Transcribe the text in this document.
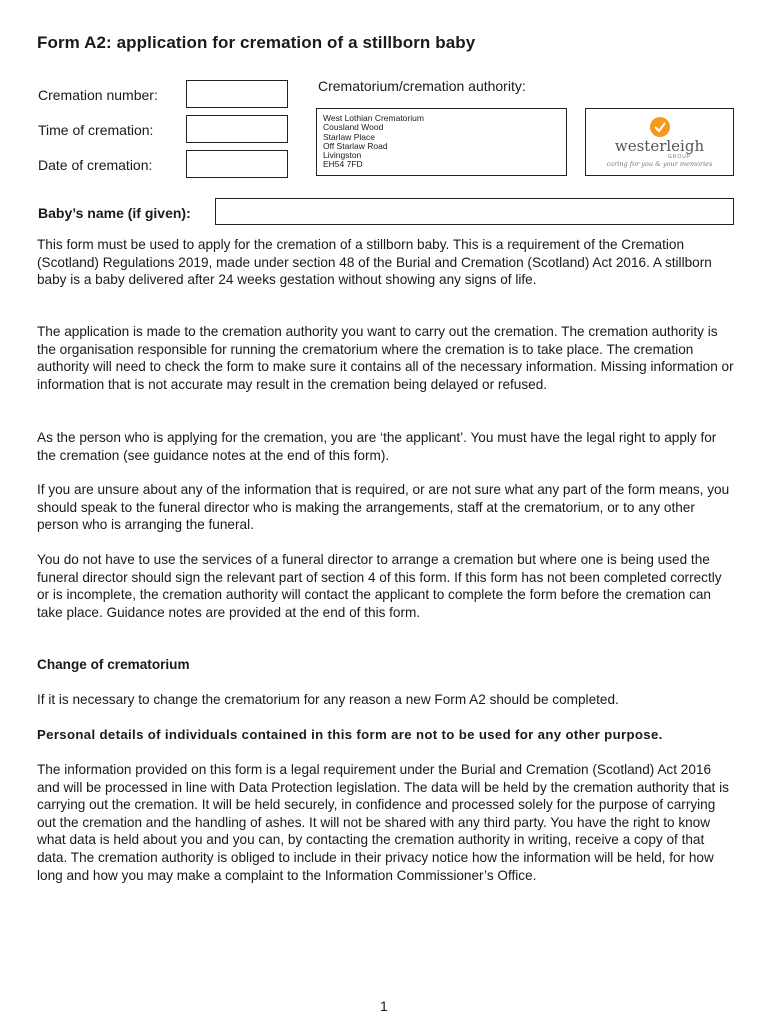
Form A2: application for cremation of a stillborn baby
Cremation number:
Time of cremation:
Date of cremation:
Crematorium/cremation authority:
West Lothian Crematorium
Cousland Wood
Starlaw Place
Off Starlaw Road
Livingston
EH54 7FD
westerleigh
GROUP
caring for you & your memories
Baby’s name (if given):
This form must be used to apply for the cremation of a stillborn baby. This is a requirement of the Cremation (Scotland) Regulations 2019, made under section 48 of the Burial and Cremation (Scotland) Act 2016. A stillborn baby is a baby delivered after 24 weeks gestation without showing any signs of life.
The application is made to the cremation authority you want to carry out the cremation. The cremation authority is the organisation responsible for running the crematorium where the cremation is to take place. The cremation authority will need to check the form to make sure it contains all of the necessary information. Missing information or information that is not accurate may result in the cremation being delayed or refused.
As the person who is applying for the cremation, you are ‘the applicant’. You must have the legal right to apply for the cremation (see guidance notes at the end of this form).
If you are unsure about any of the information that is required, or are not sure what any part of the form means, you should speak to the funeral director who is making the arrangements, staff at the crematorium, or to any other person who is arranging the funeral.
You do not have to use the services of a funeral director to arrange a cremation but where one is being used the funeral director should sign the relevant part of section 4 of this form. If this form has not been completed correctly or is incomplete, the cremation authority will contact the applicant to complete the form before the cremation can take place. Guidance notes are provided at the end of this form.
Change of crematorium
If it is necessary to change the crematorium for any reason a new Form A2 should be completed.
Personal details of individuals contained in this form are not to be used for any other purpose.
The information provided on this form is a legal requirement under the Burial and Cremation (Scotland) Act 2016 and will be processed in line with Data Protection legislation. The data will be held by the cremation authority that is carrying out the cremation. It will be held securely, in confidence and processed solely for the purpose of carrying out the cremation and the handling of ashes. It will not be shared with any third party. You have the right to know what data is held about you and you can, by contacting the cremation authority in writing, receive a copy of that data. The cremation authority is obliged to include in their privacy notice how the information will be held, for how long and how you may make a complaint to the Information Commissioner’s Office.
1
